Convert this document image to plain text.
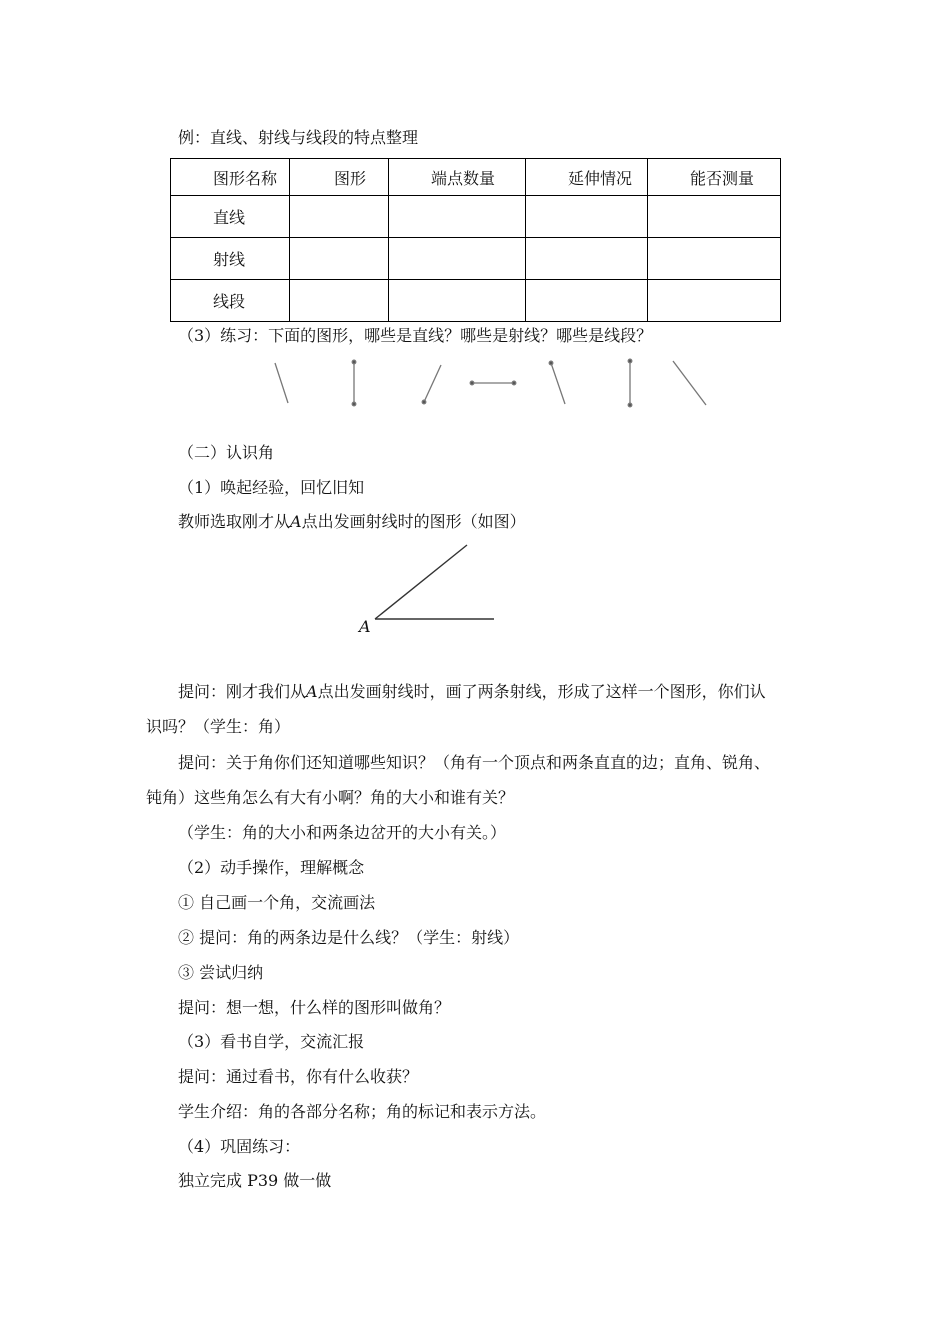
例：直线、射线与线段的特点整理
图形名称	图形	端点数量	延伸情况	能否测量
直线				
射线				
线段				
（3）练习：下面的图形，哪些是直线？哪些是射线？哪些是线段？
（二）认识角
（1）唤起经验，回忆旧知
教师选取刚才从A点出发画射线时的图形（如图）
A
提问：刚才我们从A点出发画射线时，画了两条射线，形成了这样一个图形，你们认
识吗？（学生：角）
提问：关于角你们还知道哪些知识？（角有一个顶点和两条直直的边；直角、锐角、
钝角）这些角怎么有大有小啊？角的大小和谁有关？
（学生：角的大小和两条边岔开的大小有关。）
（2）动手操作，理解概念
① 自己画一个角，交流画法
② 提问：角的两条边是什么线？（学生：射线）
③ 尝试归纳
提问：想一想，什么样的图形叫做角？
（3）看书自学，交流汇报
提问：通过看书，你有什么收获？
学生介绍：角的各部分名称；角的标记和表示方法。
（4）巩固练习：
独立完成 P39 做一做
